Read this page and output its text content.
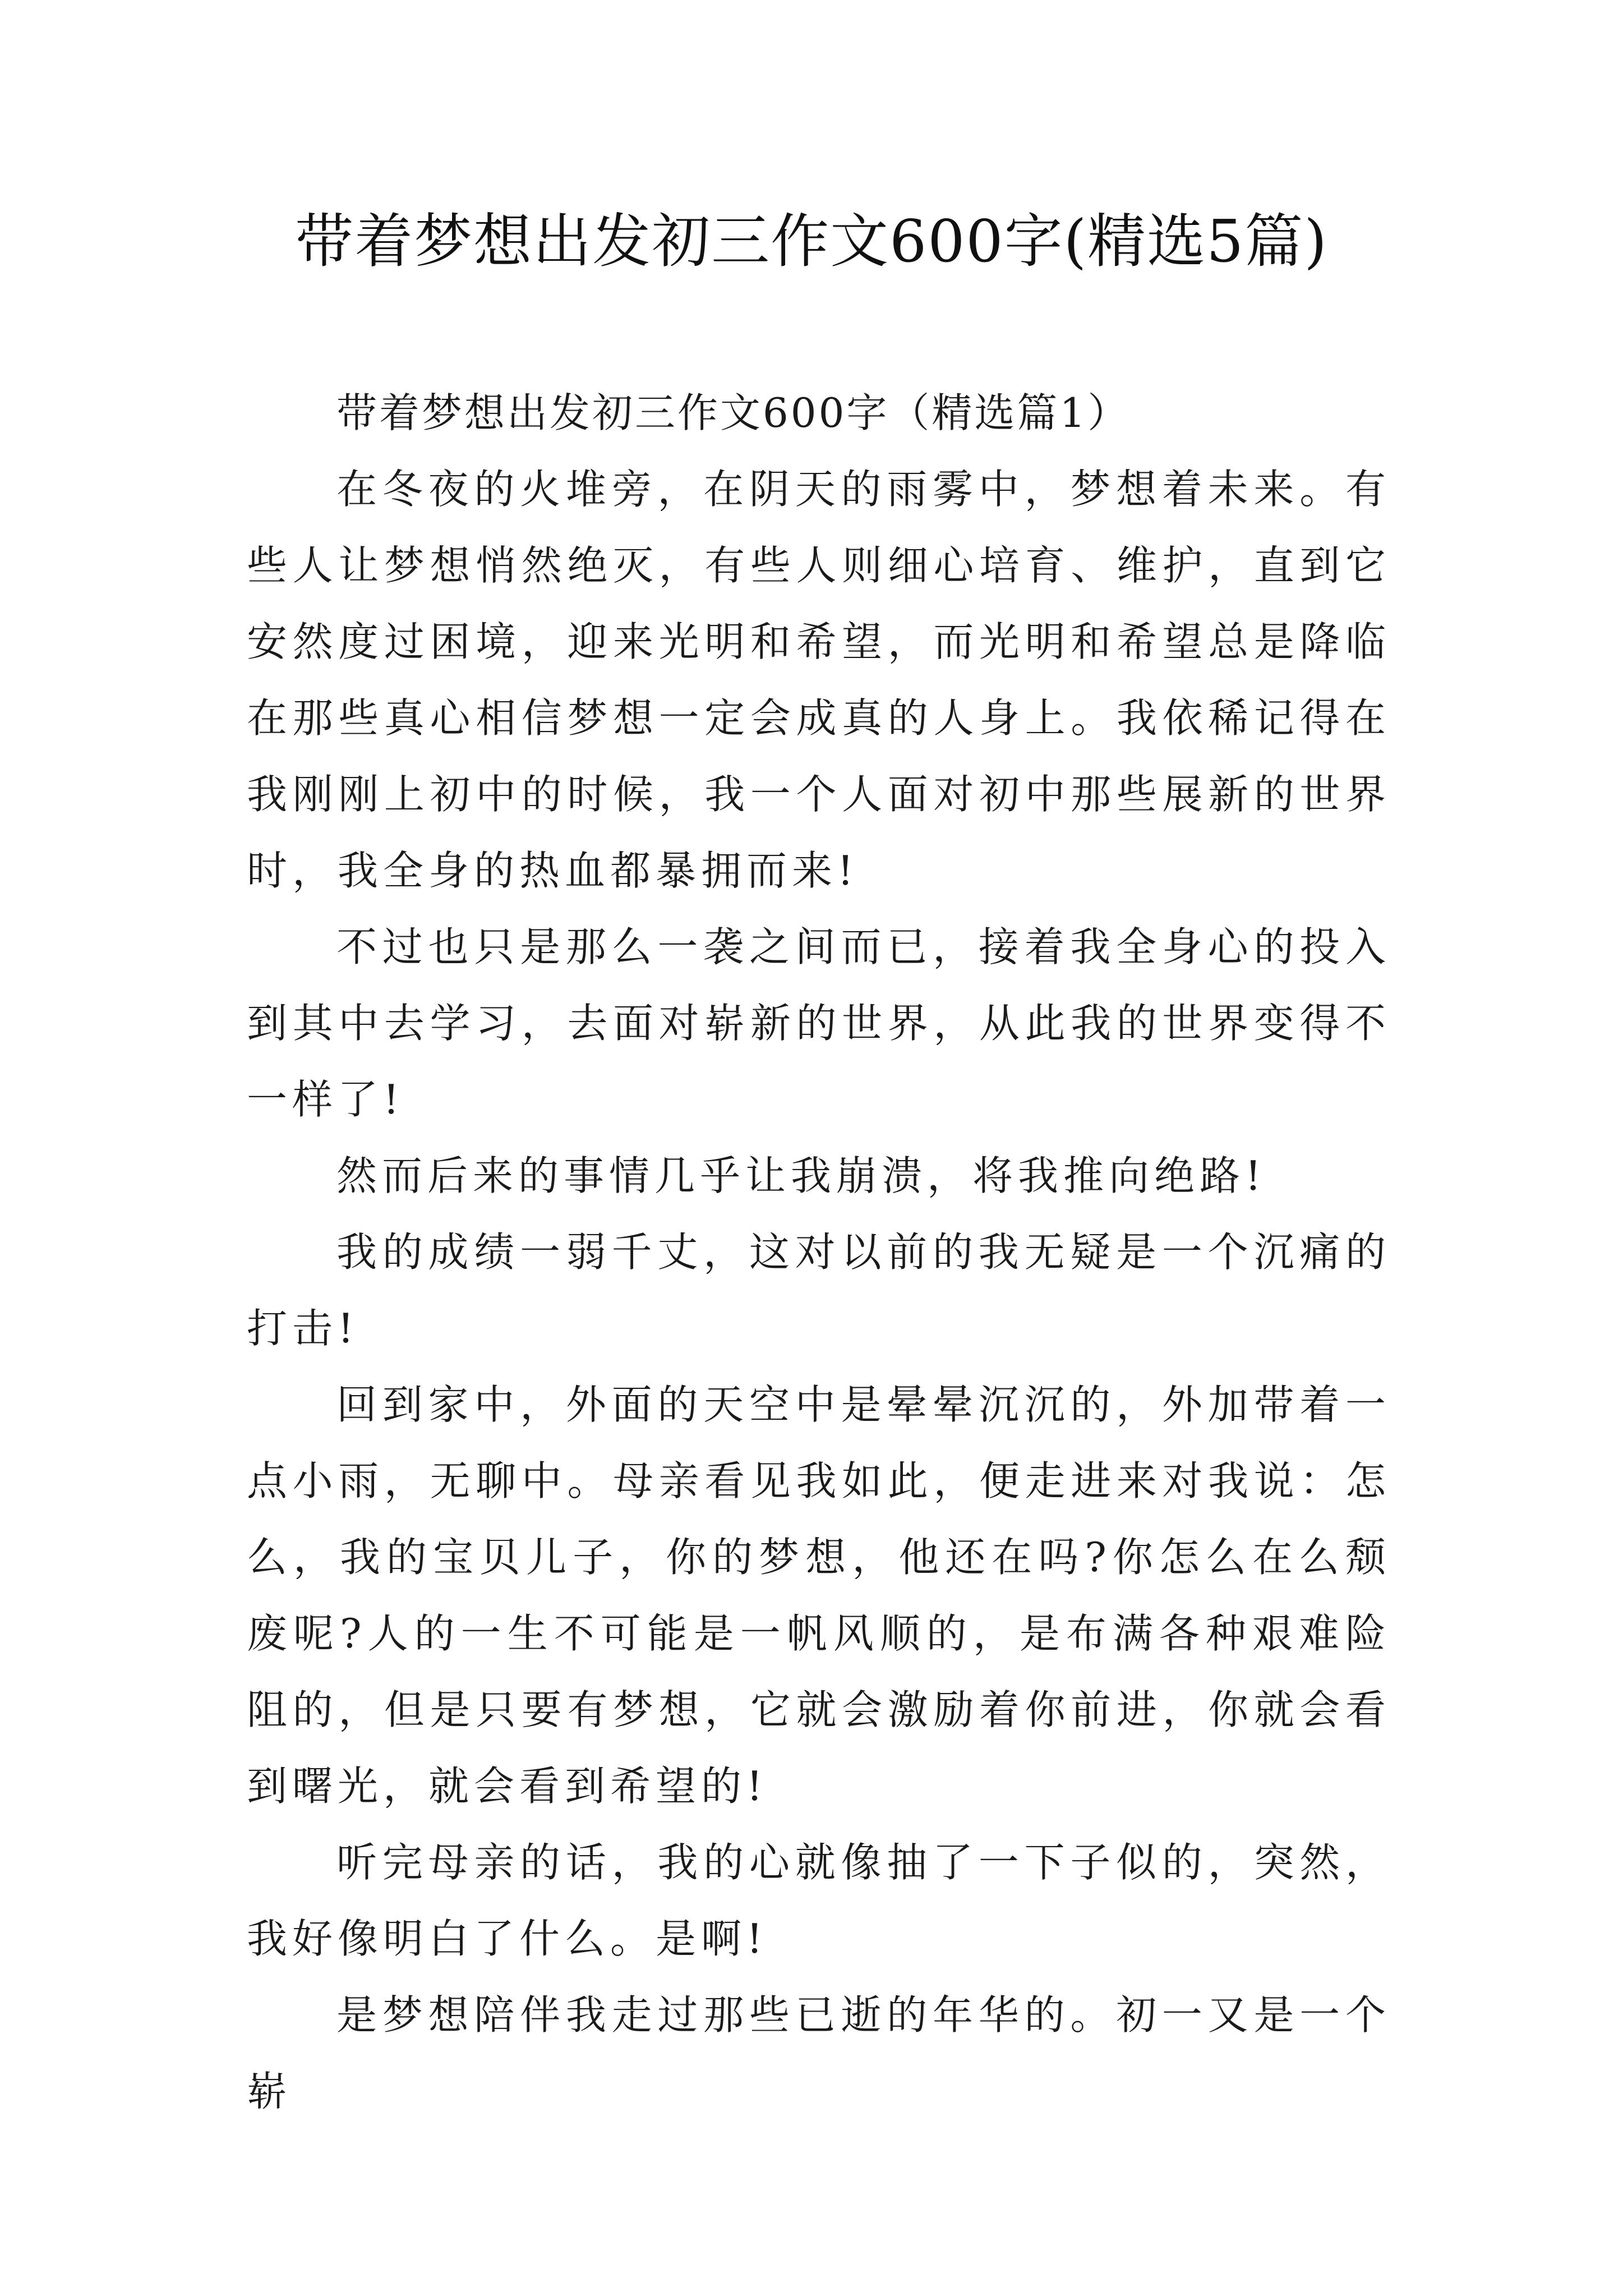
带着梦想出发初三作文600字(精选5篇)

带着梦想出发初三作文600字（精选篇1）

在冬夜的火堆旁，在阴天的雨雾中，梦想着未来。有些人让梦想悄然绝灭，有些人则细心培育、维护，直到它安然度过困境，迎来光明和希望，而光明和希望总是降临在那些真心相信梦想一定会成真的人身上。我依稀记得在我刚刚上初中的时候，我一个人面对初中那些展新的世界时，我全身的热血都暴拥而来!

不过也只是那么一袭之间而已，接着我全身心的投入到其中去学习，去面对崭新的世界，从此我的世界变得不一样了!

然而后来的事情几乎让我崩溃，将我推向绝路!

我的成绩一弱千丈，这对以前的我无疑是一个沉痛的打击!

回到家中，外面的天空中是晕晕沉沉的，外加带着一点小雨，无聊中。母亲看见我如此，便走进来对我说：怎么，我的宝贝儿子，你的梦想，他还在吗?你怎么在么颓废呢?人的一生不可能是一帆风顺的，是布满各种艰难险阻的，但是只要有梦想，它就会激励着你前进，你就会看到曙光，就会看到希望的!

听完母亲的话，我的心就像抽了一下子似的，突然，我好像明白了什么。是啊!

是梦想陪伴我走过那些已逝的年华的。初一又是一个崭
